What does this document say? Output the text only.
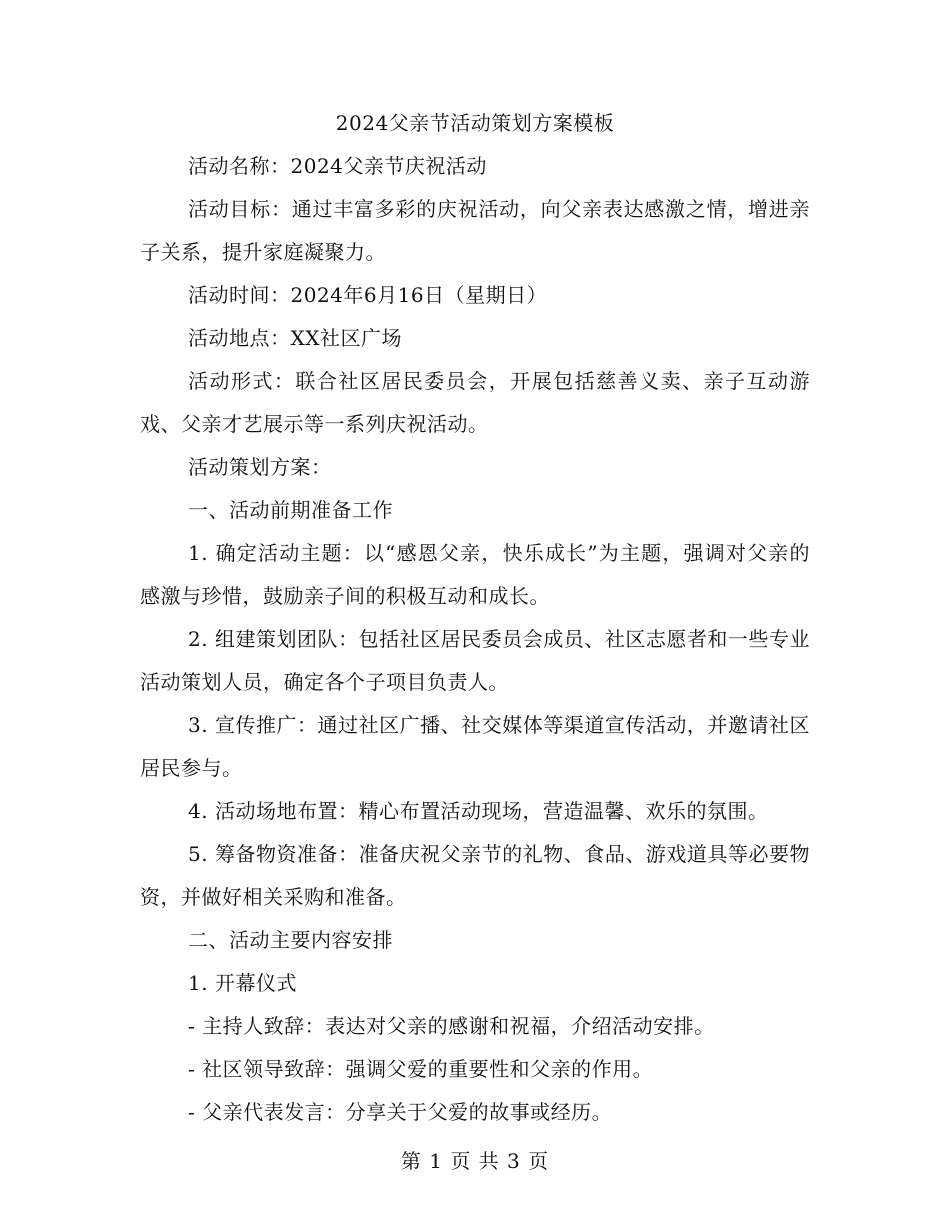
2024父亲节活动策划方案模板

活动名称：2024父亲节庆祝活动

活动目标：通过丰富多彩的庆祝活动，向父亲表达感激之情，增进亲子关系，提升家庭凝聚力。

活动时间：2024年6月16日（星期日）

活动地点：XX社区广场

活动形式：联合社区居民委员会，开展包括慈善义卖、亲子互动游戏、父亲才艺展示等一系列庆祝活动。

活动策划方案：

一、活动前期准备工作

1. 确定活动主题：以“感恩父亲，快乐成长”为主题，强调对父亲的感激与珍惜，鼓励亲子间的积极互动和成长。

2. 组建策划团队：包括社区居民委员会成员、社区志愿者和一些专业活动策划人员，确定各个子项目负责人。

3. 宣传推广：通过社区广播、社交媒体等渠道宣传活动，并邀请社区居民参与。

4. 活动场地布置：精心布置活动现场，营造温馨、欢乐的氛围。

5. 筹备物资准备：准备庆祝父亲节的礼物、食品、游戏道具等必要物资，并做好相关采购和准备。

二、活动主要内容安排

1. 开幕仪式

- 主持人致辞：表达对父亲的感谢和祝福，介绍活动安排。

- 社区领导致辞：强调父爱的重要性和父亲的作用。

- 父亲代表发言：分享关于父爱的故事或经历。

第 1 页 共 3 页
